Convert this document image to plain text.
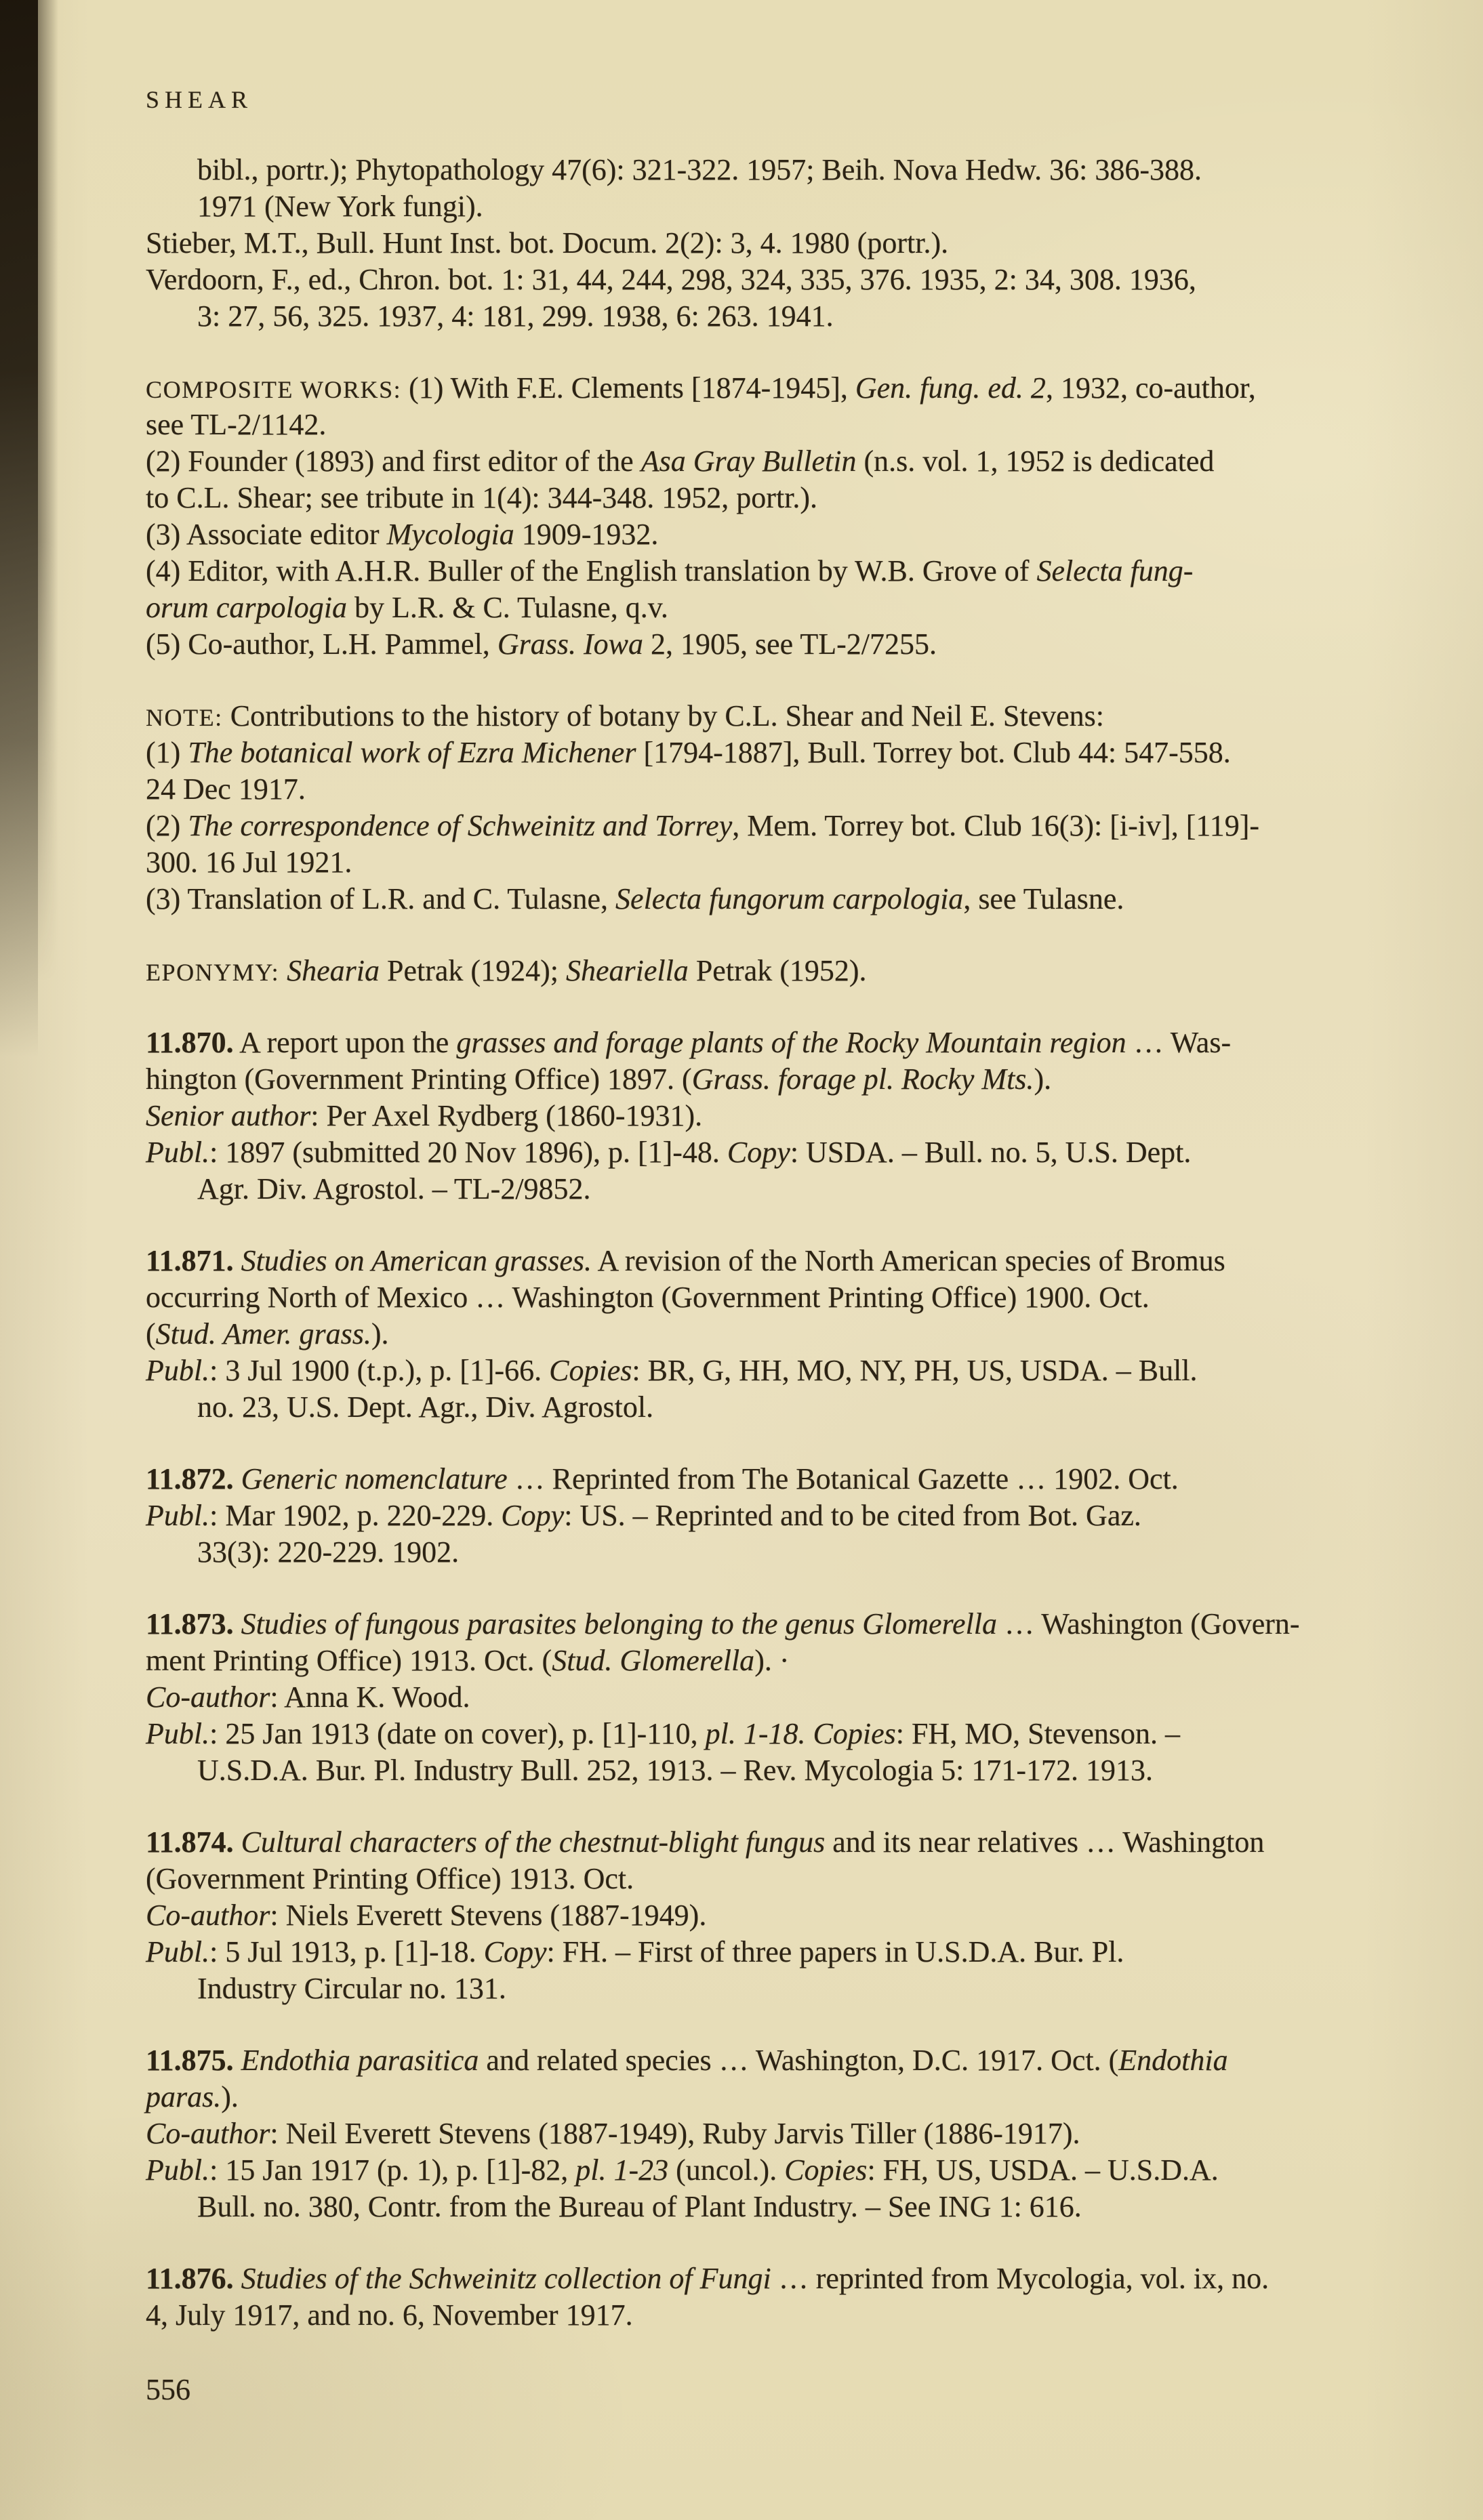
SHEAR
bibl., portr.); Phytopathology 47(6): 321-322. 1957; Beih. Nova Hedw. 36: 386-388.
1971 (New York fungi).
Stieber, M.T., Bull. Hunt Inst. bot. Docum. 2(2): 3, 4. 1980 (portr.).
Verdoorn, F., ed., Chron. bot. 1: 31, 44, 244, 298, 324, 335, 376. 1935, 2: 34, 308. 1936,
3: 27, 56, 325. 1937, 4: 181, 299. 1938, 6: 263. 1941.
COMPOSITE WORKS: (1) With F.E. Clements [1874-1945], Gen. fung. ed. 2, 1932, co-author,
see TL-2/1142.
(2) Founder (1893) and first editor of the Asa Gray Bulletin (n.s. vol. 1, 1952 is dedicated
to C.L. Shear; see tribute in 1(4): 344-348. 1952, portr.).
(3) Associate editor Mycologia 1909-1932.
(4) Editor, with A.H.R. Buller of the English translation by W.B. Grove of Selecta fung-
orum carpologia by L.R. & C. Tulasne, q.v.
(5) Co-author, L.H. Pammel, Grass. Iowa 2, 1905, see TL-2/7255.
NOTE: Contributions to the history of botany by C.L. Shear and Neil E. Stevens:
(1) The botanical work of Ezra Michener [1794-1887], Bull. Torrey bot. Club 44: 547-558.
24 Dec 1917.
(2) The correspondence of Schweinitz and Torrey, Mem. Torrey bot. Club 16(3): [i-iv], [119]-
300. 16 Jul 1921.
(3) Translation of L.R. and C. Tulasne, Selecta fungorum carpologia, see Tulasne.
EPONYMY: Shearia Petrak (1924); Sheariella Petrak (1952).
11.870. A report upon the grasses and forage plants of the Rocky Mountain region … Was-
hington (Government Printing Office) 1897. (Grass. forage pl. Rocky Mts.).
Senior author: Per Axel Rydberg (1860-1931).
Publ.: 1897 (submitted 20 Nov 1896), p. [1]-48. Copy: USDA. – Bull. no. 5, U.S. Dept.
Agr. Div. Agrostol. – TL-2/9852.
11.871. Studies on American grasses. A revision of the North American species of Bromus
occurring North of Mexico … Washington (Government Printing Office) 1900. Oct.
(Stud. Amer. grass.).
Publ.: 3 Jul 1900 (t.p.), p. [1]-66. Copies: BR, G, HH, MO, NY, PH, US, USDA. – Bull.
no. 23, U.S. Dept. Agr., Div. Agrostol.
11.872. Generic nomenclature … Reprinted from The Botanical Gazette … 1902. Oct.
Publ.: Mar 1902, p. 220-229. Copy: US. – Reprinted and to be cited from Bot. Gaz.
33(3): 220-229. 1902.
11.873. Studies of fungous parasites belonging to the genus Glomerella … Washington (Govern-
ment Printing Office) 1913. Oct. (Stud. Glomerella). ·
Co-author: Anna K. Wood.
Publ.: 25 Jan 1913 (date on cover), p. [1]-110, pl. 1-18. Copies: FH, MO, Stevenson. –
U.S.D.A. Bur. Pl. Industry Bull. 252, 1913. – Rev. Mycologia 5: 171-172. 1913.
11.874. Cultural characters of the chestnut-blight fungus and its near relatives … Washington
(Government Printing Office) 1913. Oct.
Co-author: Niels Everett Stevens (1887-1949).
Publ.: 5 Jul 1913, p. [1]-18. Copy: FH. – First of three papers in U.S.D.A. Bur. Pl.
Industry Circular no. 131.
11.875. Endothia parasitica and related species … Washington, D.C. 1917. Oct. (Endothia
paras.).
Co-author: Neil Everett Stevens (1887-1949), Ruby Jarvis Tiller (1886-1917).
Publ.: 15 Jan 1917 (p. 1), p. [1]-82, pl. 1-23 (uncol.). Copies: FH, US, USDA. – U.S.D.A.
Bull. no. 380, Contr. from the Bureau of Plant Industry. – See ING 1: 616.
11.876. Studies of the Schweinitz collection of Fungi … reprinted from Mycologia, vol. ix, no.
4, July 1917, and no. 6, November 1917.
556
